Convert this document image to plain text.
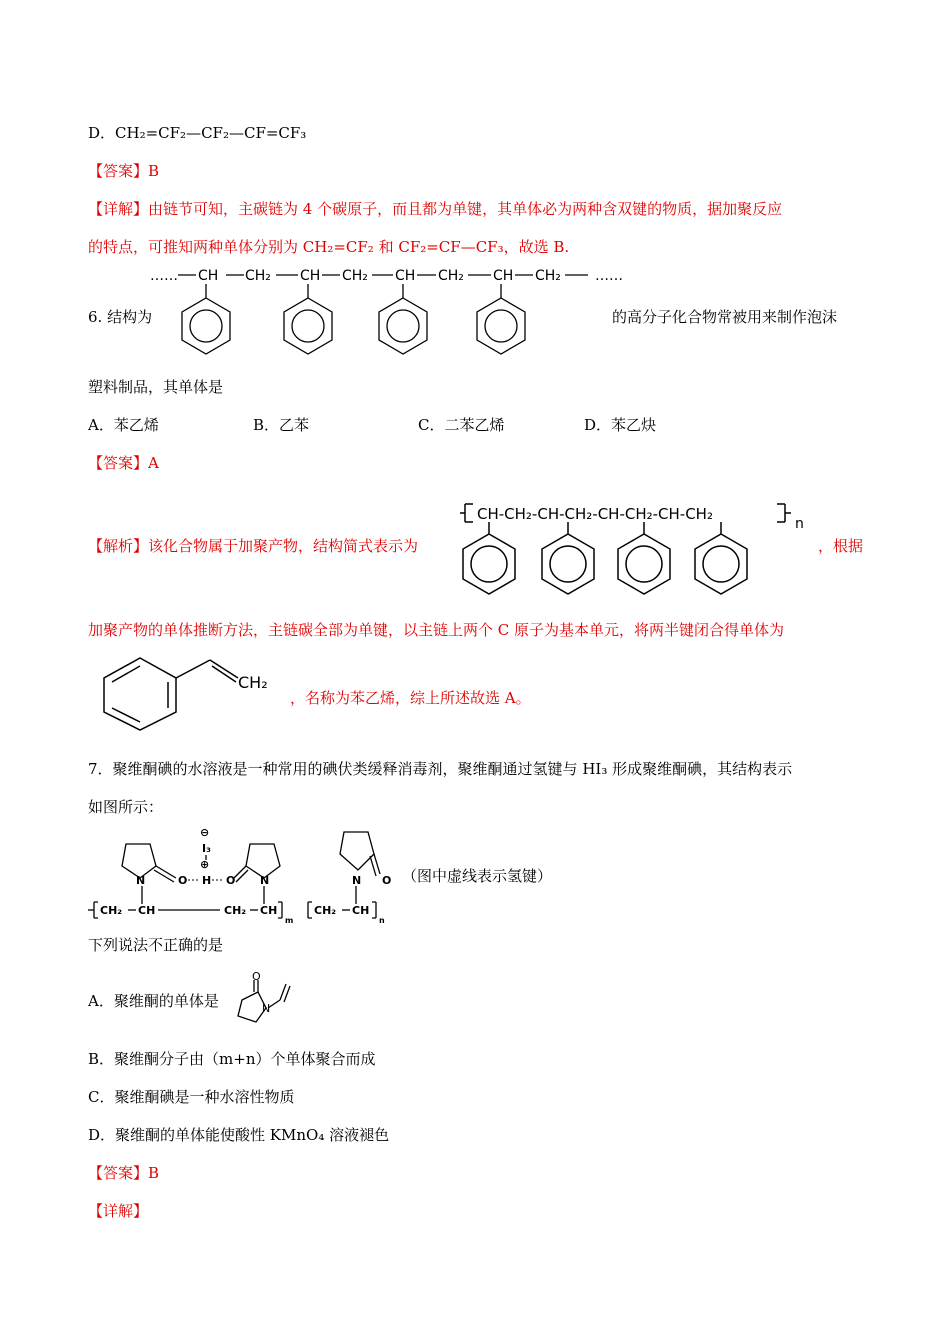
D．CH₂=CF₂—CF₂—CF=CF₃
【答案】B
【详解】由链节可知，主碳链为 4 个碳原子，而且都为单键，其单体必为两种含双键的物质，据加聚反应
的特点，可推知两种单体分别为 CH₂=CF₂ 和 CF₂=CF—CF₃，故选 B.
…… CH CH₂ CH CH₂ CH CH₂ CH CH₂ ……
6. 结构为	的高分子化合物常被用来制作泡沫
塑料制品，其单体是
A．苯乙烯	B．乙苯	C．二苯乙烯	D．苯乙炔
【答案】A
CH-CH₂-CH-CH₂-CH-CH₂-CH-CH₂
n
【解析】该化合物属于加聚产物，结构简式表示为	，根据
加聚产物的单体推断方法，主链碳全部为单键，以主链上两个 C 原子为基本单元，将两半键闭合得单体为
CH₂
，名称为苯乙烯，综上所述故选 A。
7．聚维酮碘的水溶液是一种常用的碘伏类缓释消毒剂，聚维酮通过氢键与 HI₃ 形成聚维酮碘，其结构表示
如图所示：
⊖
I₃
⊕
N	O H O N	N O
CH₂ CH	CH₂ CH
m
CH₂ CH
n
（图中虚线表示氢键）
下列说法不正确的是
A．聚维酮的单体是
O
N
B．聚维酮分子由（m+n）个单体聚合而成
C．聚维酮碘是一种水溶性物质
D．聚维酮的单体能使酸性 KMnO₄ 溶液褪色
【答案】B
【详解】
